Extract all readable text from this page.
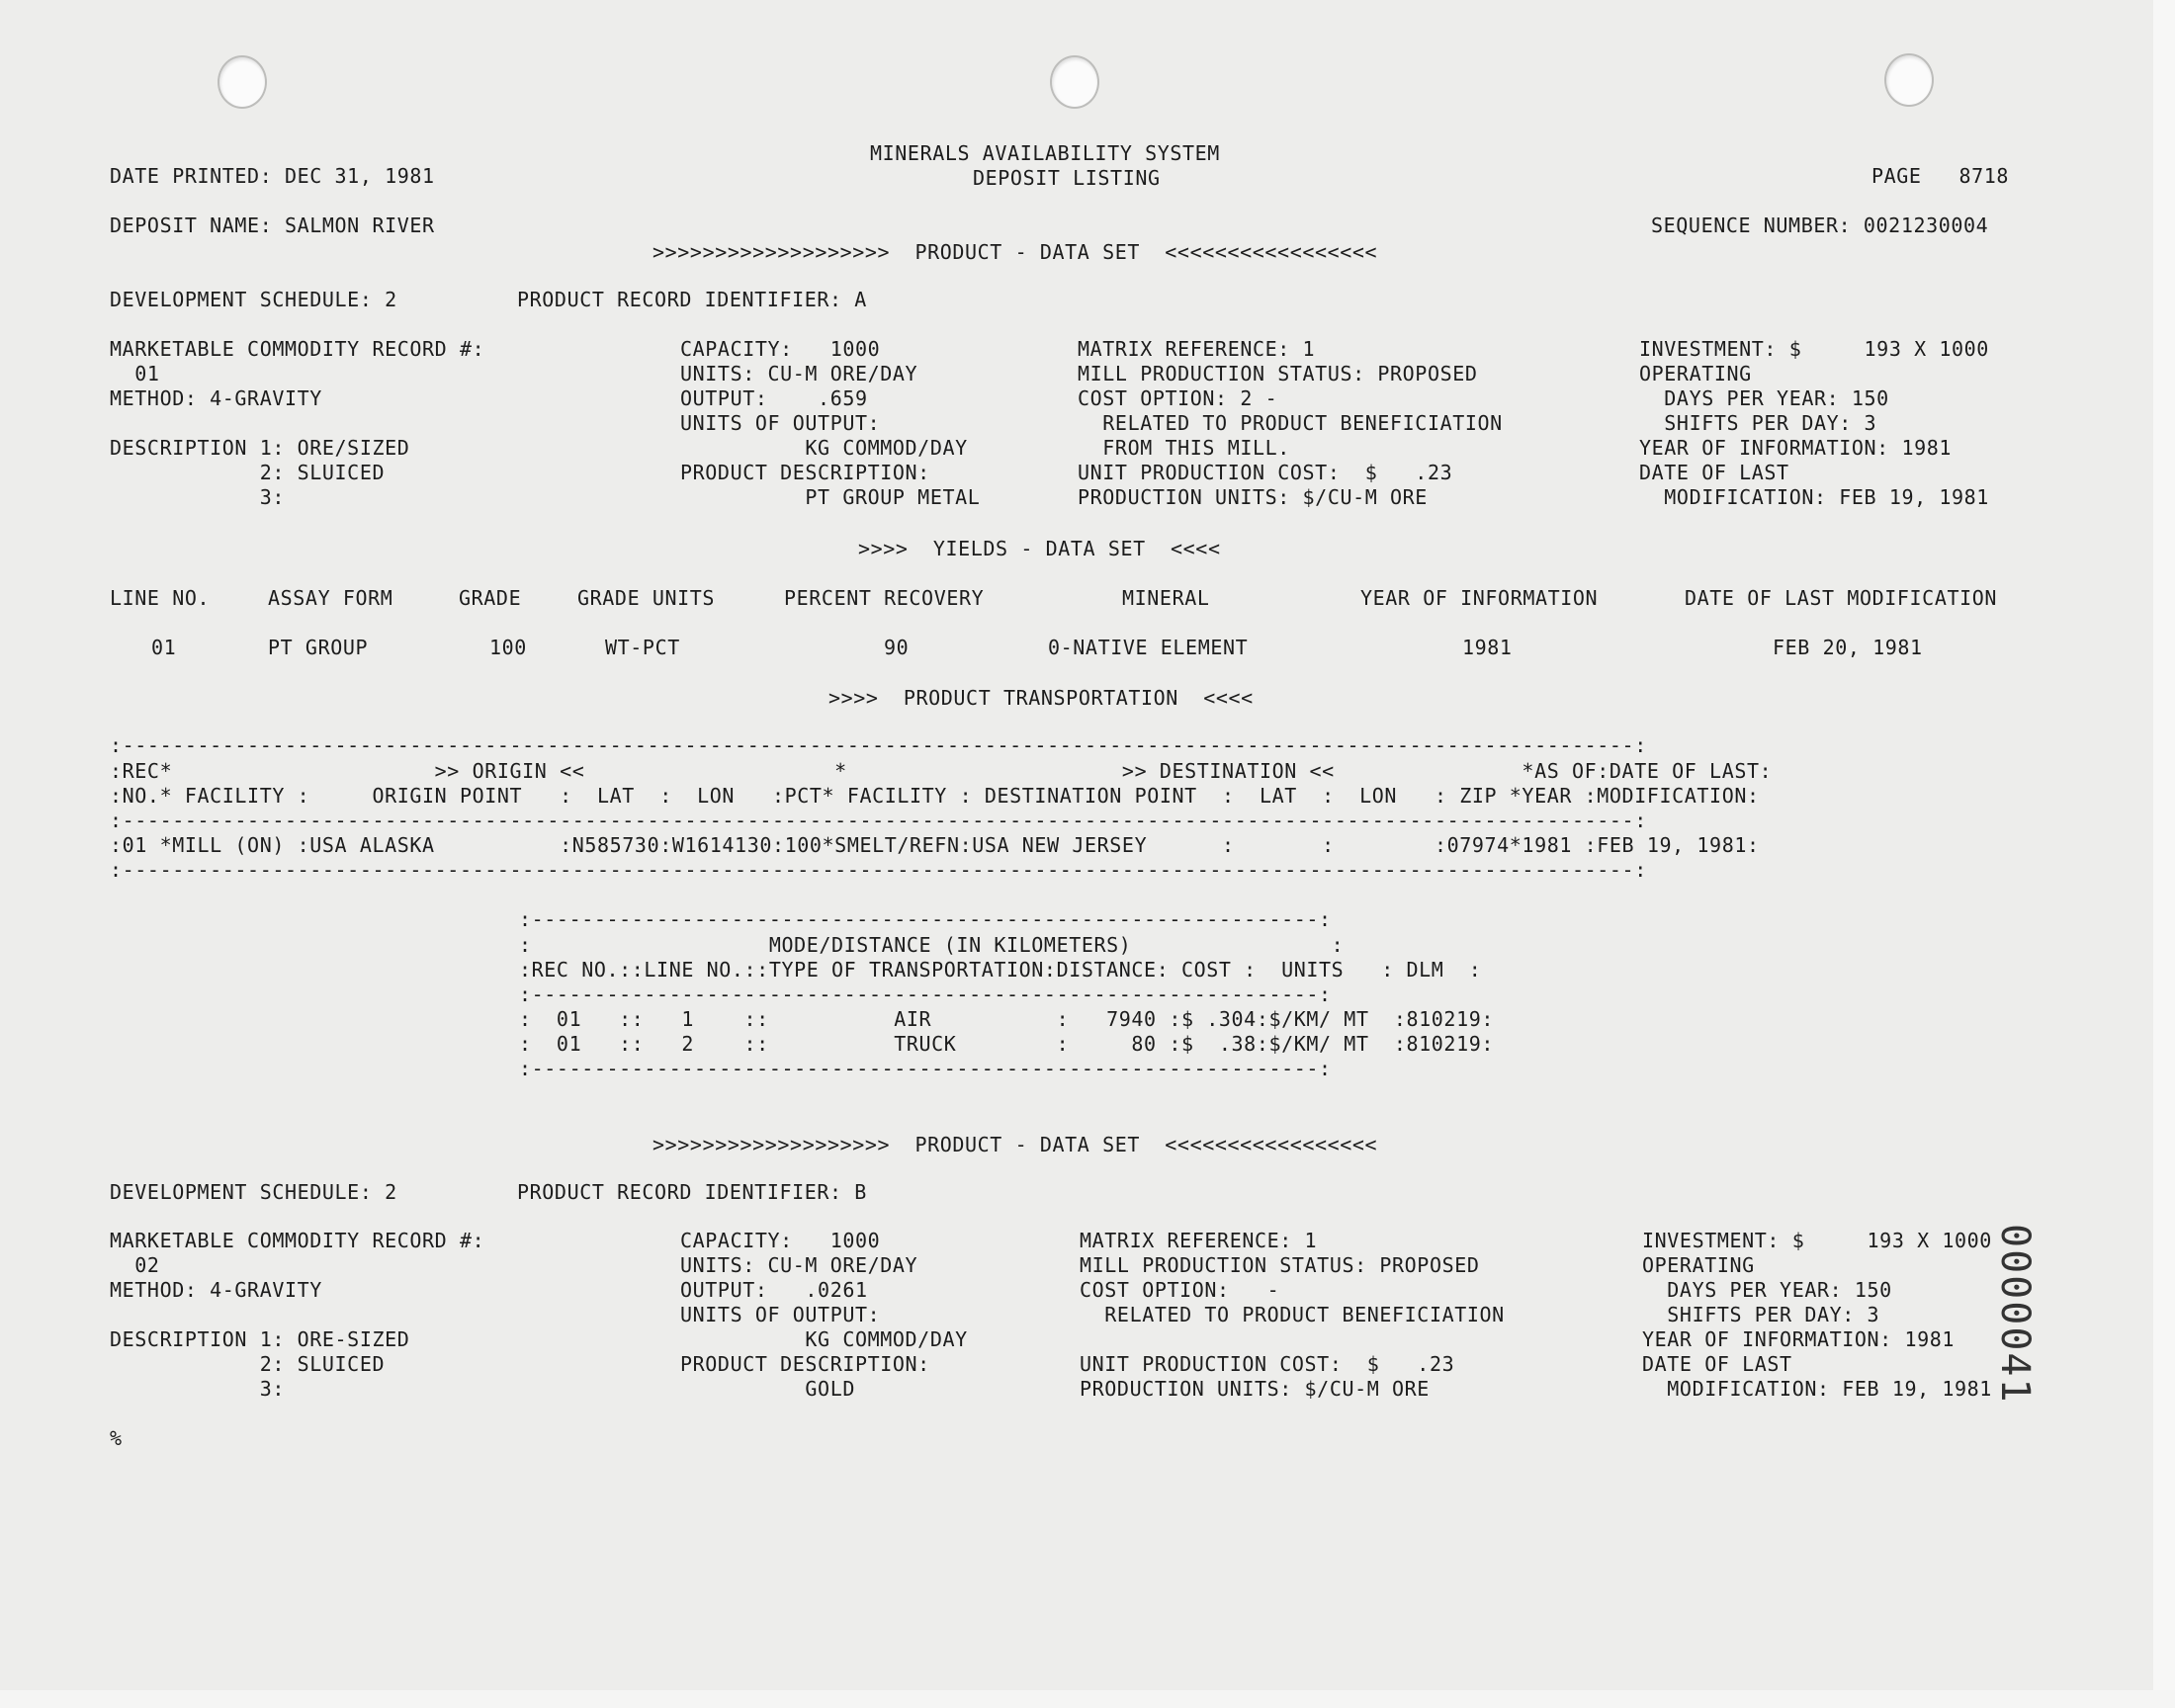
MINERALS AVAILABILITY SYSTEM
DEPOSIT LISTING
DATE PRINTED: DEC 31, 1981	PAGE   8718
DEPOSIT NAME: SALMON RIVER	SEQUENCE NUMBER: 0021230004
>>>>>>>>>>>>>>>>>>>  PRODUCT - DATA SET  <<<<<<<<<<<<<<<<<
DEVELOPMENT SCHEDULE: 2	PRODUCT RECORD IDENTIFIER: A
MARKETABLE COMMODITY RECORD #:
01
METHOD: 4-GRAVITY
DESCRIPTION 1: ORE/SIZED
2: SLUICED
3:
CAPACITY:   1000
UNITS: CU-M ORE/DAY
OUTPUT:    .659
UNITS OF OUTPUT:
KG COMMOD/DAY
PRODUCT DESCRIPTION:
PT GROUP METAL
MATRIX REFERENCE: 1
MILL PRODUCTION STATUS: PROPOSED
COST OPTION: 2 -
RELATED TO PRODUCT BENEFICIATION
FROM THIS MILL.
UNIT PRODUCTION COST:  $   .23
PRODUCTION UNITS: $/CU-M ORE
INVESTMENT: $     193 X 1000
OPERATING
DAYS PER YEAR: 150
SHIFTS PER DAY: 3
YEAR OF INFORMATION: 1981
DATE OF LAST
MODIFICATION: FEB 19, 1981
>>>>  YIELDS - DATA SET  <<<<
LINE NO.	ASSAY FORM	GRADE	GRADE UNITS	PERCENT RECOVERY	MINERAL	YEAR OF INFORMATION	DATE OF LAST MODIFICATION
01	PT GROUP	100	WT-PCT	90	0-NATIVE ELEMENT	1981	FEB 20, 1981
>>>>  PRODUCT TRANSPORTATION  <<<<
:-------------------------------------------------------------------------------------------------------------------------:
:REC*                     >> ORIGIN <<                    *                      >> DESTINATION <<               *AS OF:DATE OF LAST:
:NO.* FACILITY :     ORIGIN POINT   :  LAT  :  LON   :PCT* FACILITY : DESTINATION POINT  :  LAT  :  LON   : ZIP *YEAR :MODIFICATION:
:-------------------------------------------------------------------------------------------------------------------------:
:01 *MILL (ON) :USA ALASKA          :N585730:W1614130:100*SMELT/REFN:USA NEW JERSEY      :       :        :07974*1981 :FEB 19, 1981:
:-------------------------------------------------------------------------------------------------------------------------:
:---------------------------------------------------------------:
:                   MODE/DISTANCE (IN KILOMETERS)                :
:REC NO.::LINE NO.::TYPE OF TRANSPORTATION:DISTANCE: COST :  UNITS   : DLM  :
:---------------------------------------------------------------:
:  01   ::   1    ::          AIR          :   7940 :$ .304:$/KM/ MT  :810219:
:  01   ::   2    ::          TRUCK        :     80 :$  .38:$/KM/ MT  :810219:
:---------------------------------------------------------------:
>>>>>>>>>>>>>>>>>>>  PRODUCT - DATA SET  <<<<<<<<<<<<<<<<<
DEVELOPMENT SCHEDULE: 2	PRODUCT RECORD IDENTIFIER: B
MARKETABLE COMMODITY RECORD #:
02
METHOD: 4-GRAVITY
DESCRIPTION 1: ORE-SIZED
2: SLUICED
3:
CAPACITY:   1000
UNITS: CU-M ORE/DAY
OUTPUT:   .0261
UNITS OF OUTPUT:
KG COMMOD/DAY
PRODUCT DESCRIPTION:
GOLD
MATRIX REFERENCE: 1
MILL PRODUCTION STATUS: PROPOSED
COST OPTION:   -
RELATED TO PRODUCT BENEFICIATION
UNIT PRODUCTION COST:  $   .23
PRODUCTION UNITS: $/CU-M ORE
INVESTMENT: $     193 X 1000
OPERATING
DAYS PER YEAR: 150
SHIFTS PER DAY: 3
YEAR OF INFORMATION: 1981
DATE OF LAST
MODIFICATION: FEB 19, 1981
%
0000041
